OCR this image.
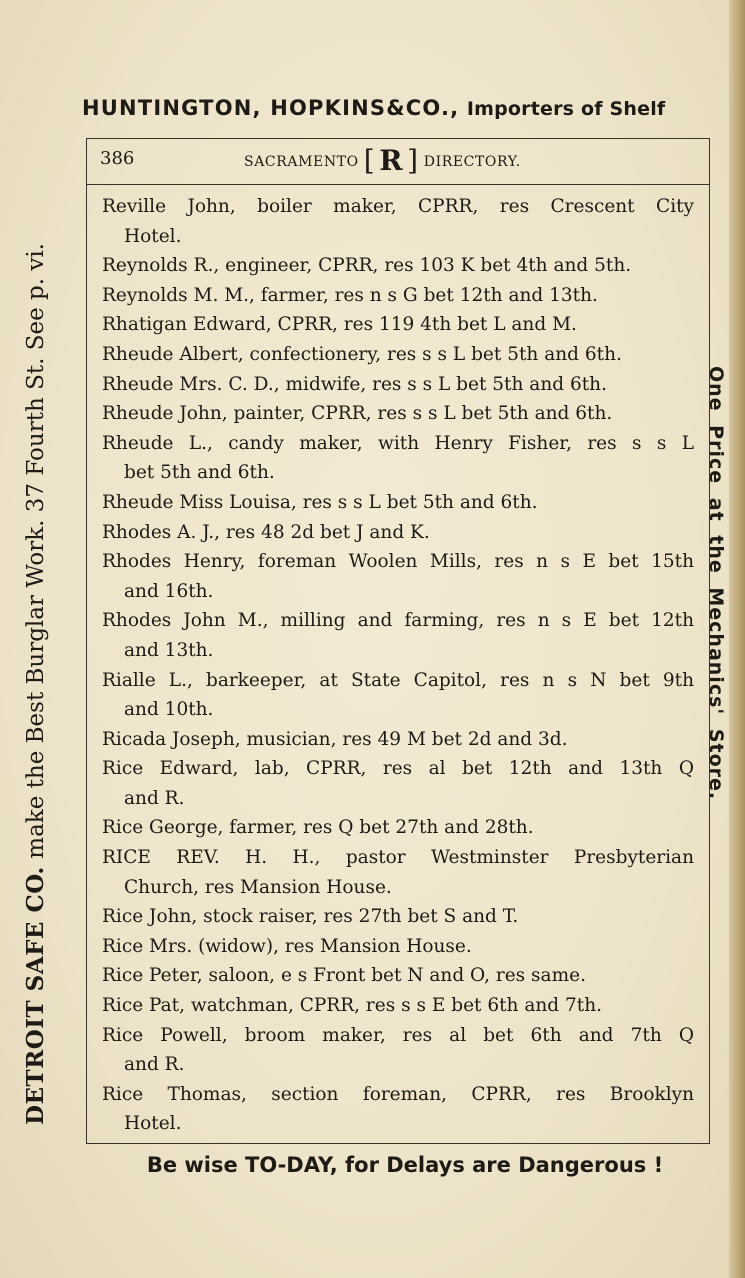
HUNTINGTON, HOPKINS&CO., Importers of Shelf
DETROIT SAFE CO. make the Best Burglar Work. 37 Fourth St. See p. vi.	One Price at the Mechanics' Store.
386	SACRAMENTO [ R ] DIRECTORY.
Reville John, boiler maker, CPRR, res Crescent City
Hotel.
Reynolds R., engineer, CPRR, res 103 K bet 4th and 5th.
Reynolds M. M., farmer, res n s G bet 12th and 13th.
Rhatigan Edward, CPRR, res 119 4th bet L and M.
Rheude Albert, confectionery, res s s L bet 5th and 6th.
Rheude Mrs. C. D., midwife, res s s L bet 5th and 6th.
Rheude John, painter, CPRR, res s s L bet 5th and 6th.
Rheude L., candy maker, with Henry Fisher, res s s L
bet 5th and 6th.
Rheude Miss Louisa, res s s L bet 5th and 6th.
Rhodes A. J., res 48 2d bet J and K.
Rhodes Henry, foreman Woolen Mills, res n s E bet 15th
and 16th.
Rhodes John M., milling and farming, res n s E bet 12th
and 13th.
Rialle L., barkeeper, at State Capitol, res n s N bet 9th
and 10th.
Ricada Joseph, musician, res 49 M bet 2d and 3d.
Rice Edward, lab, CPRR, res al bet 12th and 13th Q
and R.
Rice George, farmer, res Q bet 27th and 28th.
RICE REV. H. H., pastor Westminster Presbyterian
Church, res Mansion House.
Rice John, stock raiser, res 27th bet S and T.
Rice Mrs. (widow), res Mansion House.
Rice Peter, saloon, e s Front bet N and O, res same.
Rice Pat, watchman, CPRR, res s s E bet 6th and 7th.
Rice Powell, broom maker, res al bet 6th and 7th Q
and R.
Rice Thomas, section foreman, CPRR, res Brooklyn
Hotel.
Be wise TO-DAY, for Delays are Dangerous !
